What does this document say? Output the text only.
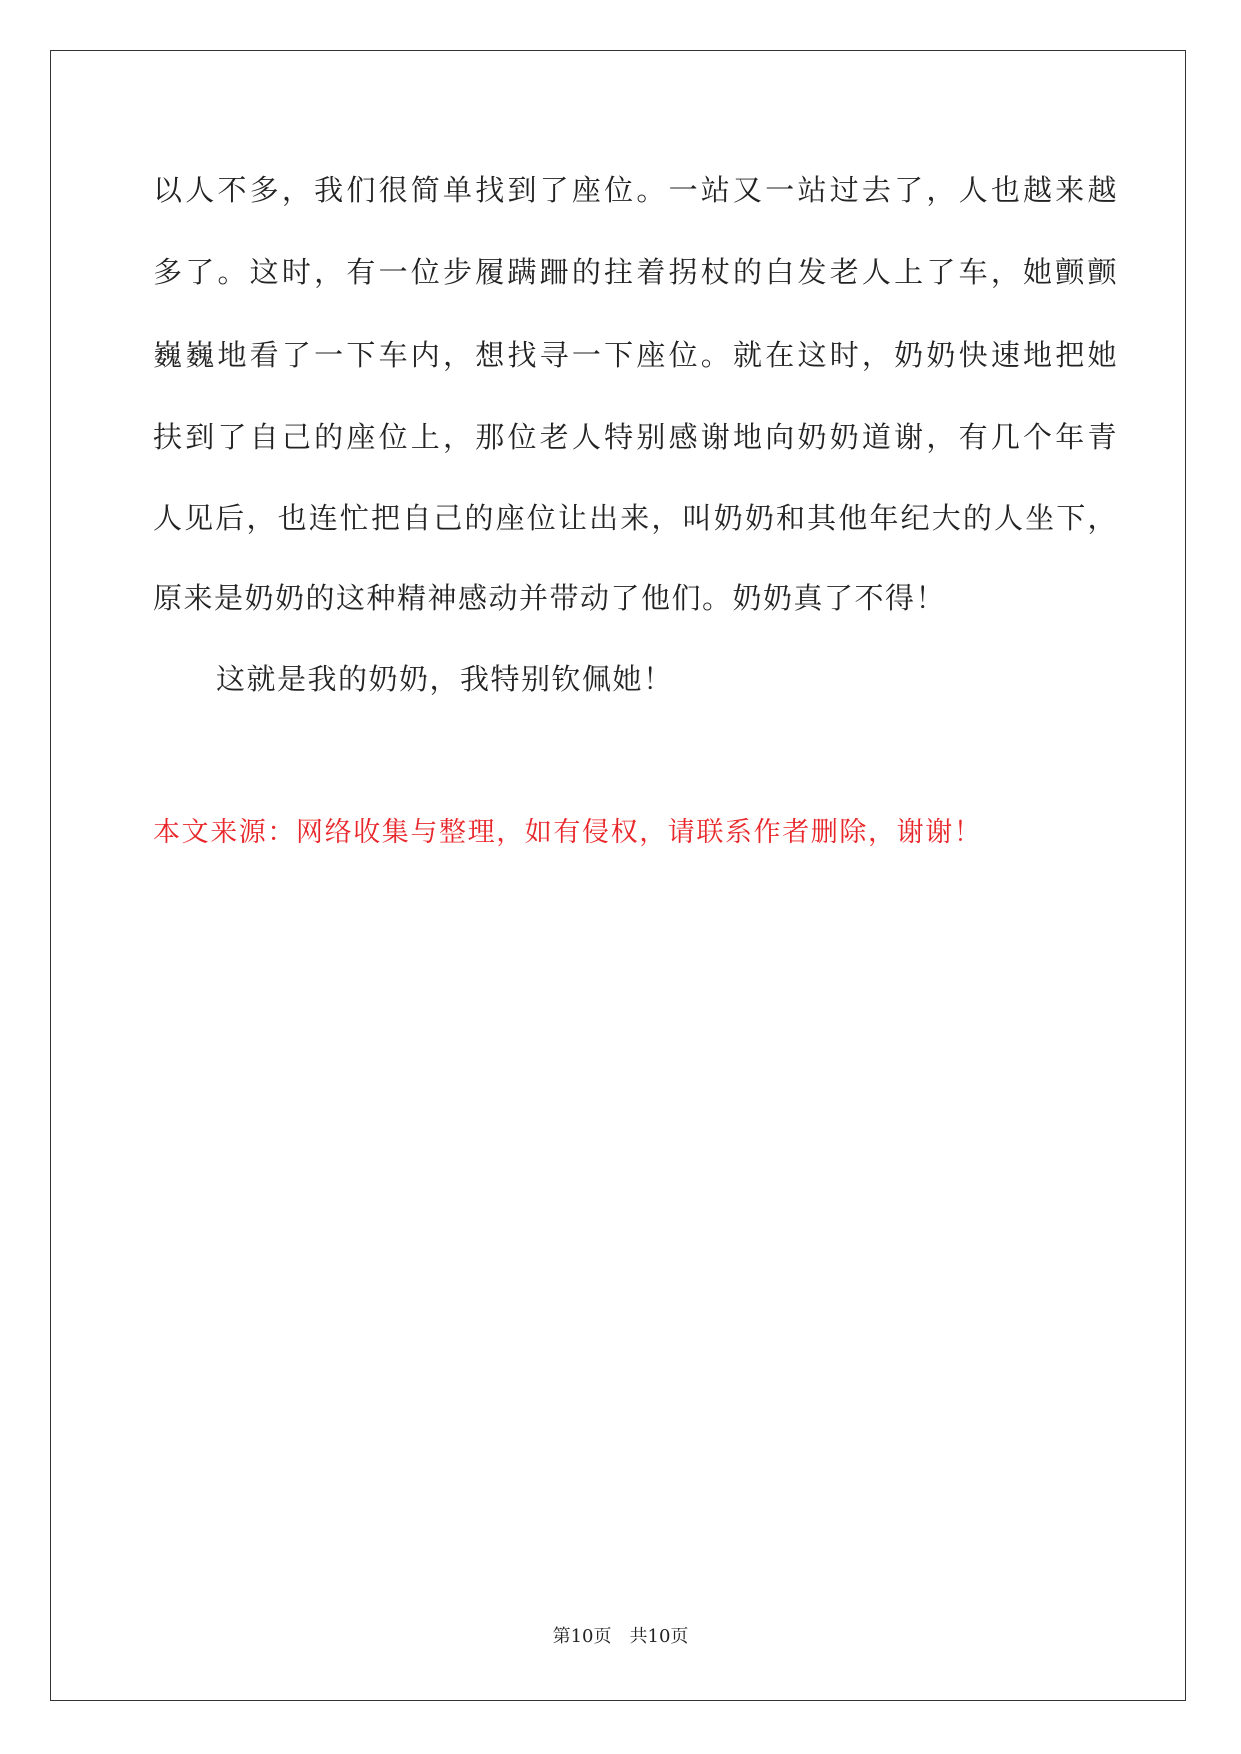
以人不多，我们很简单找到了座位。一站又一站过去了，人也越来越
多了。这时，有一位步履蹒跚的拄着拐杖的白发老人上了车，她颤颤
巍巍地看了一下车内，想找寻一下座位。就在这时，奶奶快速地把她
扶到了自己的座位上，那位老人特别感谢地向奶奶道谢，有几个年青
人见后，也连忙把自己的座位让出来，叫奶奶和其他年纪大的人坐下，
原来是奶奶的这种精神感动并带动了他们。奶奶真了不得！
这就是我的奶奶，我特别钦佩她！
本文来源：网络收集与整理，如有侵权，请联系作者删除，谢谢！
第10页 共10页
